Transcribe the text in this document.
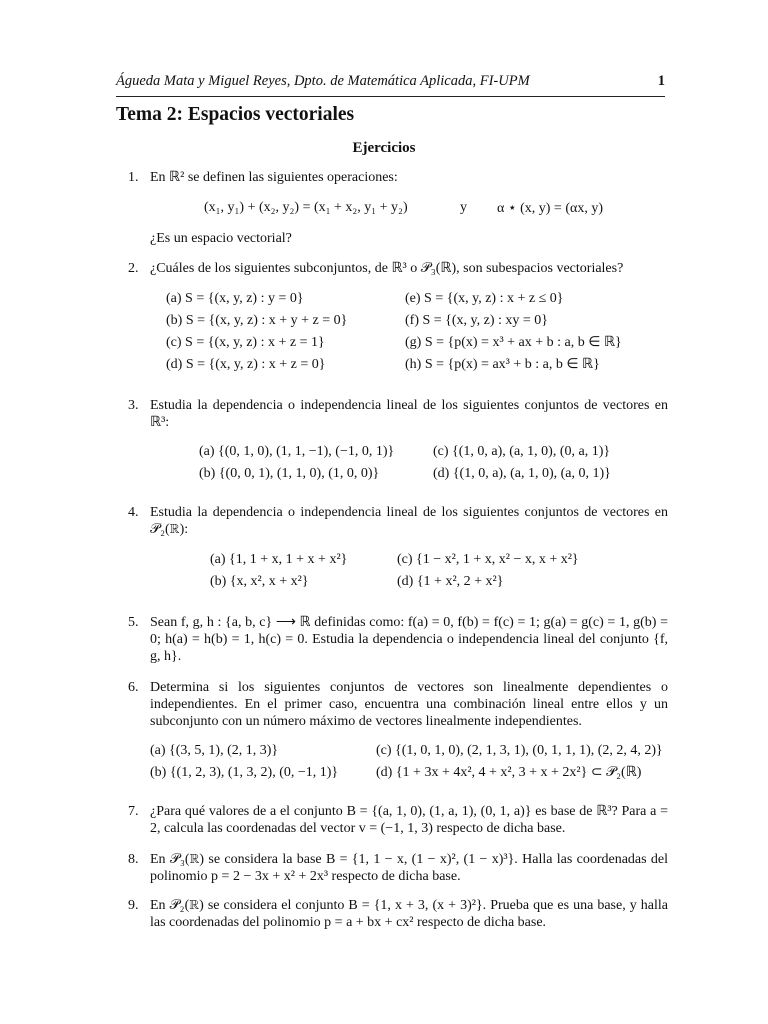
Águeda Mata y Miguel Reyes, Dpto. de Matemática Aplicada, FI-UPM	1
Tema 2: Espacios vectoriales
Ejercicios
1. En ℝ² se definen las siguientes operaciones:
(x₁, y₁) + (x₂, y₂) = (x₁ + x₂, y₁ + y₂)	y α ⋆ (x, y) = (αx, y)
¿Es un espacio vectorial?
2. ¿Cuáles de los siguientes subconjuntos, de ℝ³ o 𝒫₃(ℝ), son subespacios vectoriales?
(a) S = {(x, y, z) : y = 0}
(b) S = {(x, y, z) : x + y + z = 0}
(c) S = {(x, y, z) : x + z = 1}
(d) S = {(x, y, z) : x + z = 0}
(e) S = {(x, y, z) : x + z ≤ 0}
(f) S = {(x, y, z) : xy = 0}
(g) S = {p(x) = x³ + ax + b : a, b ∈ ℝ}
(h) S = {p(x) = ax³ + b : a, b ∈ ℝ}
3. Estudia la dependencia o independencia lineal de los siguientes conjuntos de vectores en ℝ³:
(a) {(0, 1, 0), (1, 1, −1), (−1, 0, 1)}
(b) {(0, 0, 1), (1, 1, 0), (1, 0, 0)}
(c) {(1, 0, a), (a, 1, 0), (0, a, 1)}
(d) {(1, 0, a), (a, 1, 0), (a, 0, 1)}
4. Estudia la dependencia o independencia lineal de los siguientes conjuntos de vectores en 𝒫₂(ℝ):
(a) {1, 1 + x, 1 + x + x²}
(b) {x, x², x + x²}
(c) {1 − x², 1 + x, x² − x, x + x²}
(d) {1 + x², 2 + x²}
5. Sean f, g, h : {a, b, c} ⟶ ℝ definidas como: f(a) = 0, f(b) = f(c) = 1; g(a) = g(c) = 1, g(b) = 0; h(a) = h(b) = 1, h(c) = 0. Estudia la dependencia o independencia lineal del conjunto {f, g, h}.
6. Determina si los siguientes conjuntos de vectores son linealmente dependientes o independientes. En el primer caso, encuentra una combinación lineal entre ellos y un subconjunto con un número máximo de vectores linealmente independientes.
(a) {(3, 5, 1), (2, 1, 3)}
(b) {(1, 2, 3), (1, 3, 2), (0, −1, 1)}
(c) {(1, 0, 1, 0), (2, 1, 3, 1), (0, 1, 1, 1), (2, 2, 4, 2)}
(d) {1 + 3x + 4x², 4 + x², 3 + x + 2x²} ⊂ 𝒫₂(ℝ)
7. ¿Para qué valores de a el conjunto B = {(a, 1, 0), (1, a, 1), (0, 1, a)} es base de ℝ³? Para a = 2, calcula las coordenadas del vector v = (−1, 1, 3) respecto de dicha base.
8. En 𝒫₃(ℝ) se considera la base B = {1, 1 − x, (1 − x)², (1 − x)³}. Halla las coordenadas del polinomio p = 2 − 3x + x² + 2x³ respecto de dicha base.
9. En 𝒫₂(ℝ) se considera el conjunto B = {1, x + 3, (x + 3)²}. Prueba que es una base, y halla las coordenadas del polinomio p = a + bx + cx² respecto de dicha base.
